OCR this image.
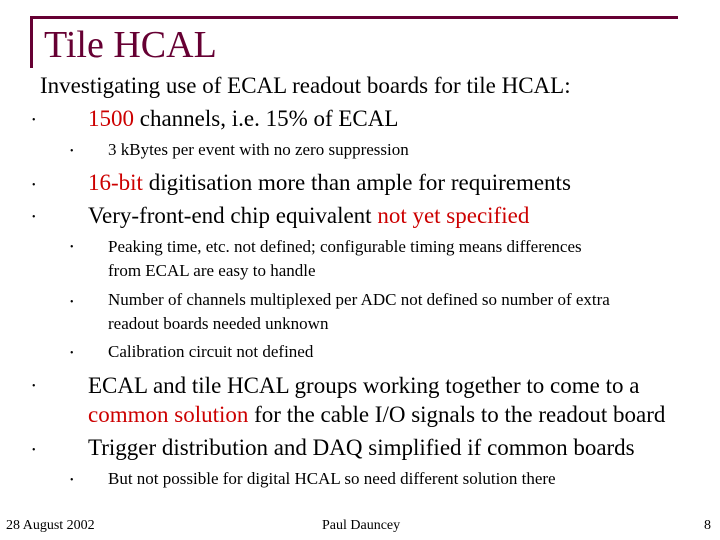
Tile HCAL
Investigating use of ECAL readout boards for tile HCAL:
• 1500 channels, i.e. 15% of ECAL
• 3 kBytes per event with no zero suppression
• 16-bit digitisation more than ample for requirements
• Very-front-end chip equivalent not yet specified
• Peaking time, etc. not defined; configurable timing means differences
from ECAL are easy to handle
• Number of channels multiplexed per ADC not defined so number of extra
readout boards needed unknown
• Calibration circuit not defined
• ECAL and tile HCAL groups working together to come to a
common solution for the cable I/O signals to the readout board
• Trigger distribution and DAQ simplified if common boards
• But not possible for digital HCAL so need different solution there
28 August 2002	Paul Dauncey	8
